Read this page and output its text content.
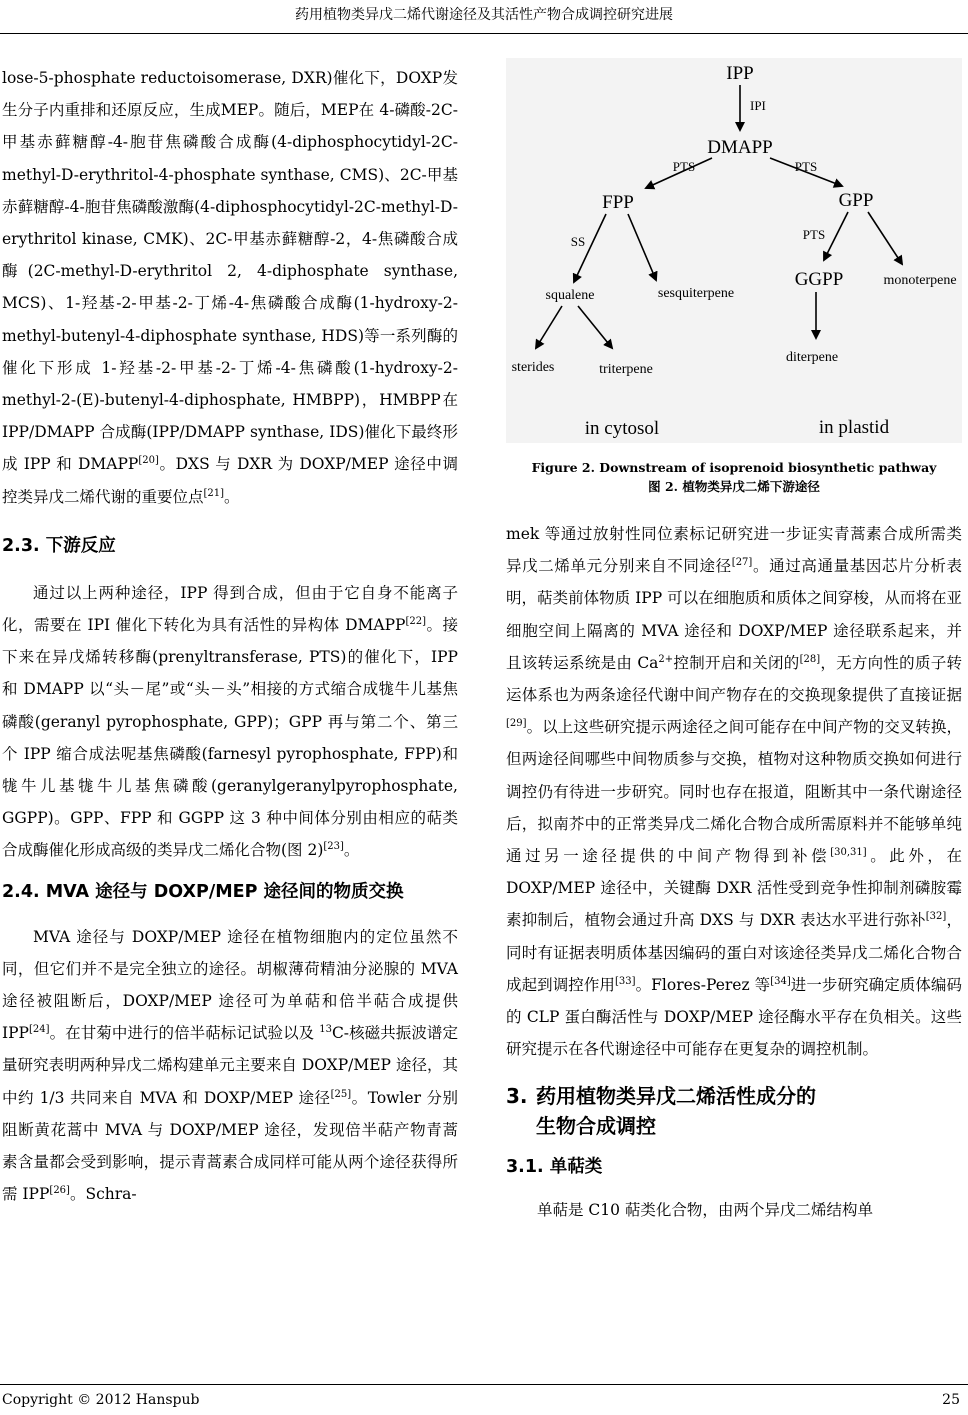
药用植物类异戊二烯代谢途径及其活性产物合成调控研究进展

lose-5-phosphate reductoisomerase, DXR)催化下，DOXP发生分子内重排和还原反应，生成MEP。随后，MEP在 4-磷酸-2C-甲基赤藓糖醇-4-胞苷焦磷酸合成酶(4-diphosphocytidyl-2C-methyl-D-erythritol-4-phosphate synthase, CMS)、2C-甲基赤藓糖醇-4-胞苷焦磷酸激酶(4-diphosphocytidyl-2C-methyl-D-erythritol kinase, CMK)、2C-甲基赤藓糖醇-2，4-焦磷酸合成酶(2C-methyl-D-erythritol 2, 4-diphosphate synthase, MCS)、1-羟基-2-甲基-2-丁烯-4-焦磷酸合成酶(1-hydroxy-2-methyl-butenyl-4-diphosphate synthase, HDS)等一系列酶的催化下形成 1-羟基-2-甲基-2-丁烯-4-焦磷酸(1-hydroxy-2-methyl-2-(E)-butenyl-4-diphosphate, HMBPP)，HMBPP在 IPP/DMAPP 合成酶(IPP/DMAPP synthase, IDS)催化下最终形成 IPP 和 DMAPP[20]。DXS 与 DXR 为 DOXP/MEP 途径中调控类异戊二烯代谢的重要位点[21]。

2.3. 下游反应

通过以上两种途径，IPP 得到合成，但由于它自身不能离子化，需要在 IPI 催化下转化为具有活性的异构体 DMAPP[22]。接下来在异戊烯转移酶(prenyltransferase, PTS)的催化下，IPP 和 DMAPP 以“头－尾”或“头－头”相接的方式缩合成牻牛儿基焦磷酸(geranyl pyrophosphate, GPP)；GPP 再与第二个、第三个 IPP 缩合成法呢基焦磷酸(farnesyl pyrophosphate, FPP)和牻牛儿基牻牛儿基焦磷酸(geranylgeranylpyrophosphate, GGPP)。GPP、FPP 和 GGPP 这 3 种中间体分别由相应的萜类合成酶催化形成高级的类异戊二烯化合物(图 2)[23]。

2.4. MVA 途径与 DOXP/MEP 途径间的物质交换

MVA 途径与 DOXP/MEP 途径在植物细胞内的定位虽然不同，但它们并不是完全独立的途径。胡椒薄荷精油分泌腺的 MVA 途径被阻断后，DOXP/MEP 途径可为单萜和倍半萜合成提供 IPP[24]。在甘菊中进行的倍半萜标记试验以及 $^{13}$C-核磁共振波谱定量研究表明两种异戊二烯构建单元主要来自 DOXP/MEP 途径，其中约 1/3 共同来自 MVA 和 DOXP/MEP 途径[25]。Towler 分别阻断黄花蒿中 MVA 与 DOXP/MEP 途径，发现倍半萜产物青蒿素含量都会受到影响，提示青蒿素合成同样可能从两个途径获得所需 IPP[26]。Schra-

IPP
IPI
DMAPP
PTS	PTS
FPP	GPP
SS	PTS
squalene	sesquiterpene
GGPP	monoterpene
sterides	triterpene
diterpene
in cytosol	in plastid
Figure 2. Downstream of isoprenoid biosynthetic pathway
图 2. 植物类异戊二烯下游途径

mek 等通过放射性同位素标记研究进一步证实青蒿素合成所需类异戊二烯单元分别来自不同途径[27]。通过高通量基因芯片分析表明，萜类前体物质 IPP 可以在细胞质和质体之间穿梭，从而将在亚细胞空间上隔离的 MVA 途径和 DOXP/MEP 途径联系起来，并且该转运系统是由 $Ca^{2+}$控制开启和关闭的[28]，无方向性的质子转运体系也为两条途径代谢中间产物存在的交换现象提供了直接证据[29]。以上这些研究提示两途径之间可能存在中间产物的交叉转换，但两途径间哪些中间物质参与交换，植物对这种物质交换如何进行调控仍有待进一步研究。同时也存在报道，阻断其中一条代谢途径后，拟南芥中的正常类异戊二烯化合物合成所需原料并不能够单纯通过另一途径提供的中间产物得到补偿[30,31]。此外，在 DOXP/MEP 途径中，关键酶 DXR 活性受到竞争性抑制剂磷胺霉素抑制后，植物会通过升高 DXS 与 DXR 表达水平进行弥补[32]，同时有证据表明质体基因编码的蛋白对该途径类异戊二烯化合物合成起到调控作用[33]。Flores-Perez 等[34]进一步研究确定质体编码的 CLP 蛋白酶活性与 DOXP/MEP 途径酶水平存在负相关。这些研究提示在各代谢途径中可能存在更复杂的调控机制。

3. 药用植物类异戊二烯活性成分的
生物合成调控
3.1. 单萜类

单萜是 C10 萜类化合物，由两个异戊二烯结构单

Copyright © 2012 Hanspub	25
